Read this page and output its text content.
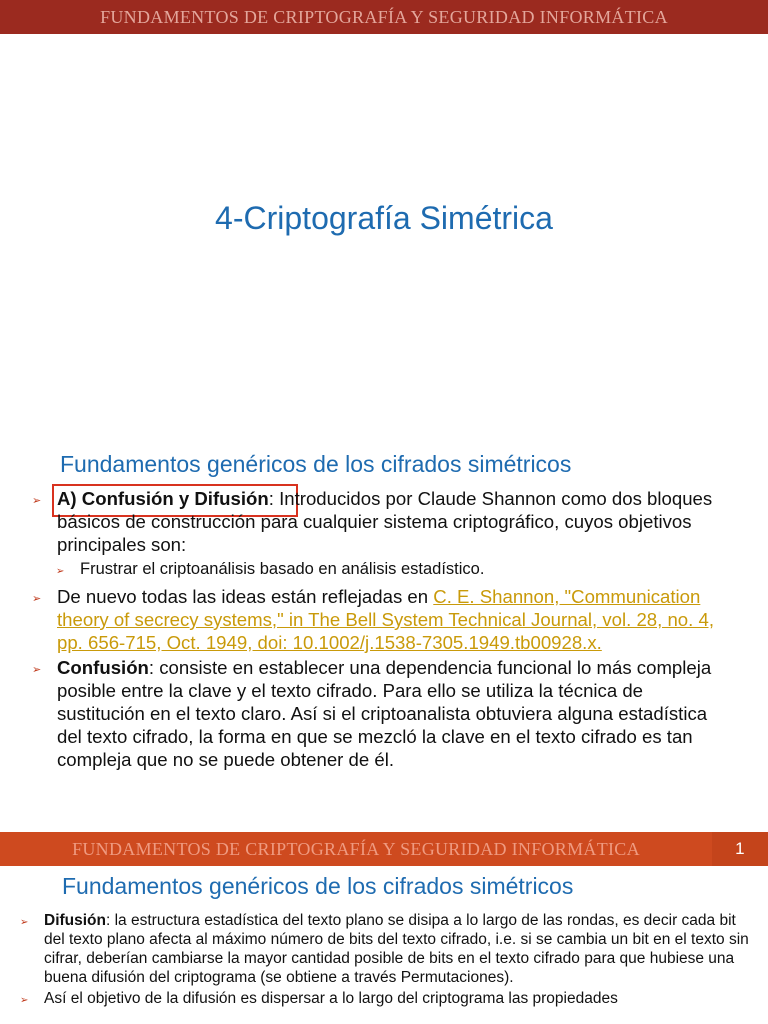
FUNDAMENTOS DE CRIPTOGRAFÍA Y SEGURIDAD INFORMÁTICA
4-Criptografía Simétrica
Fundamentos genéricos de los cifrados simétricos
➢ A) Confusión y Difusión: Introducidos por Claude Shannon como dos bloques básicos de construcción para cualquier sistema criptográfico, cuyos objetivos principales son:
➢ Frustrar el criptoanálisis basado en análisis estadístico.
➢ De nuevo todas las ideas están reflejadas en C. E. Shannon, "Communication theory of secrecy systems," in The Bell System Technical Journal, vol. 28, no. 4, pp. 656-715, Oct. 1949, doi: 10.1002/j.1538-7305.1949.tb00928.x.
➢ Confusión: consiste en establecer una dependencia funcional lo más compleja posible entre la clave y el texto cifrado. Para ello se utiliza la técnica de sustitución en el texto claro. Así si el criptoanalista obtuviera alguna estadística del texto cifrado, la forma en que se mezcló la clave en el texto cifrado es tan compleja que no se puede obtener de él.
FUNDAMENTOS DE CRIPTOGRAFÍA Y SEGURIDAD INFORMÁTICA	1
Fundamentos genéricos de los cifrados simétricos
➢ Difusión: la estructura estadística del texto plano se disipa a lo largo de las rondas, es decir cada bit del texto plano afecta al máximo número de bits del texto cifrado, i.e. si se cambia un bit en el texto sin cifrar, deberían cambiarse la mayor cantidad posible de bits en el texto cifrado para que hubiese una buena difusión del criptograma (se obtiene a través Permutaciones).
➢ Así el objetivo de la difusión es dispersar a lo largo del criptograma las propiedades
